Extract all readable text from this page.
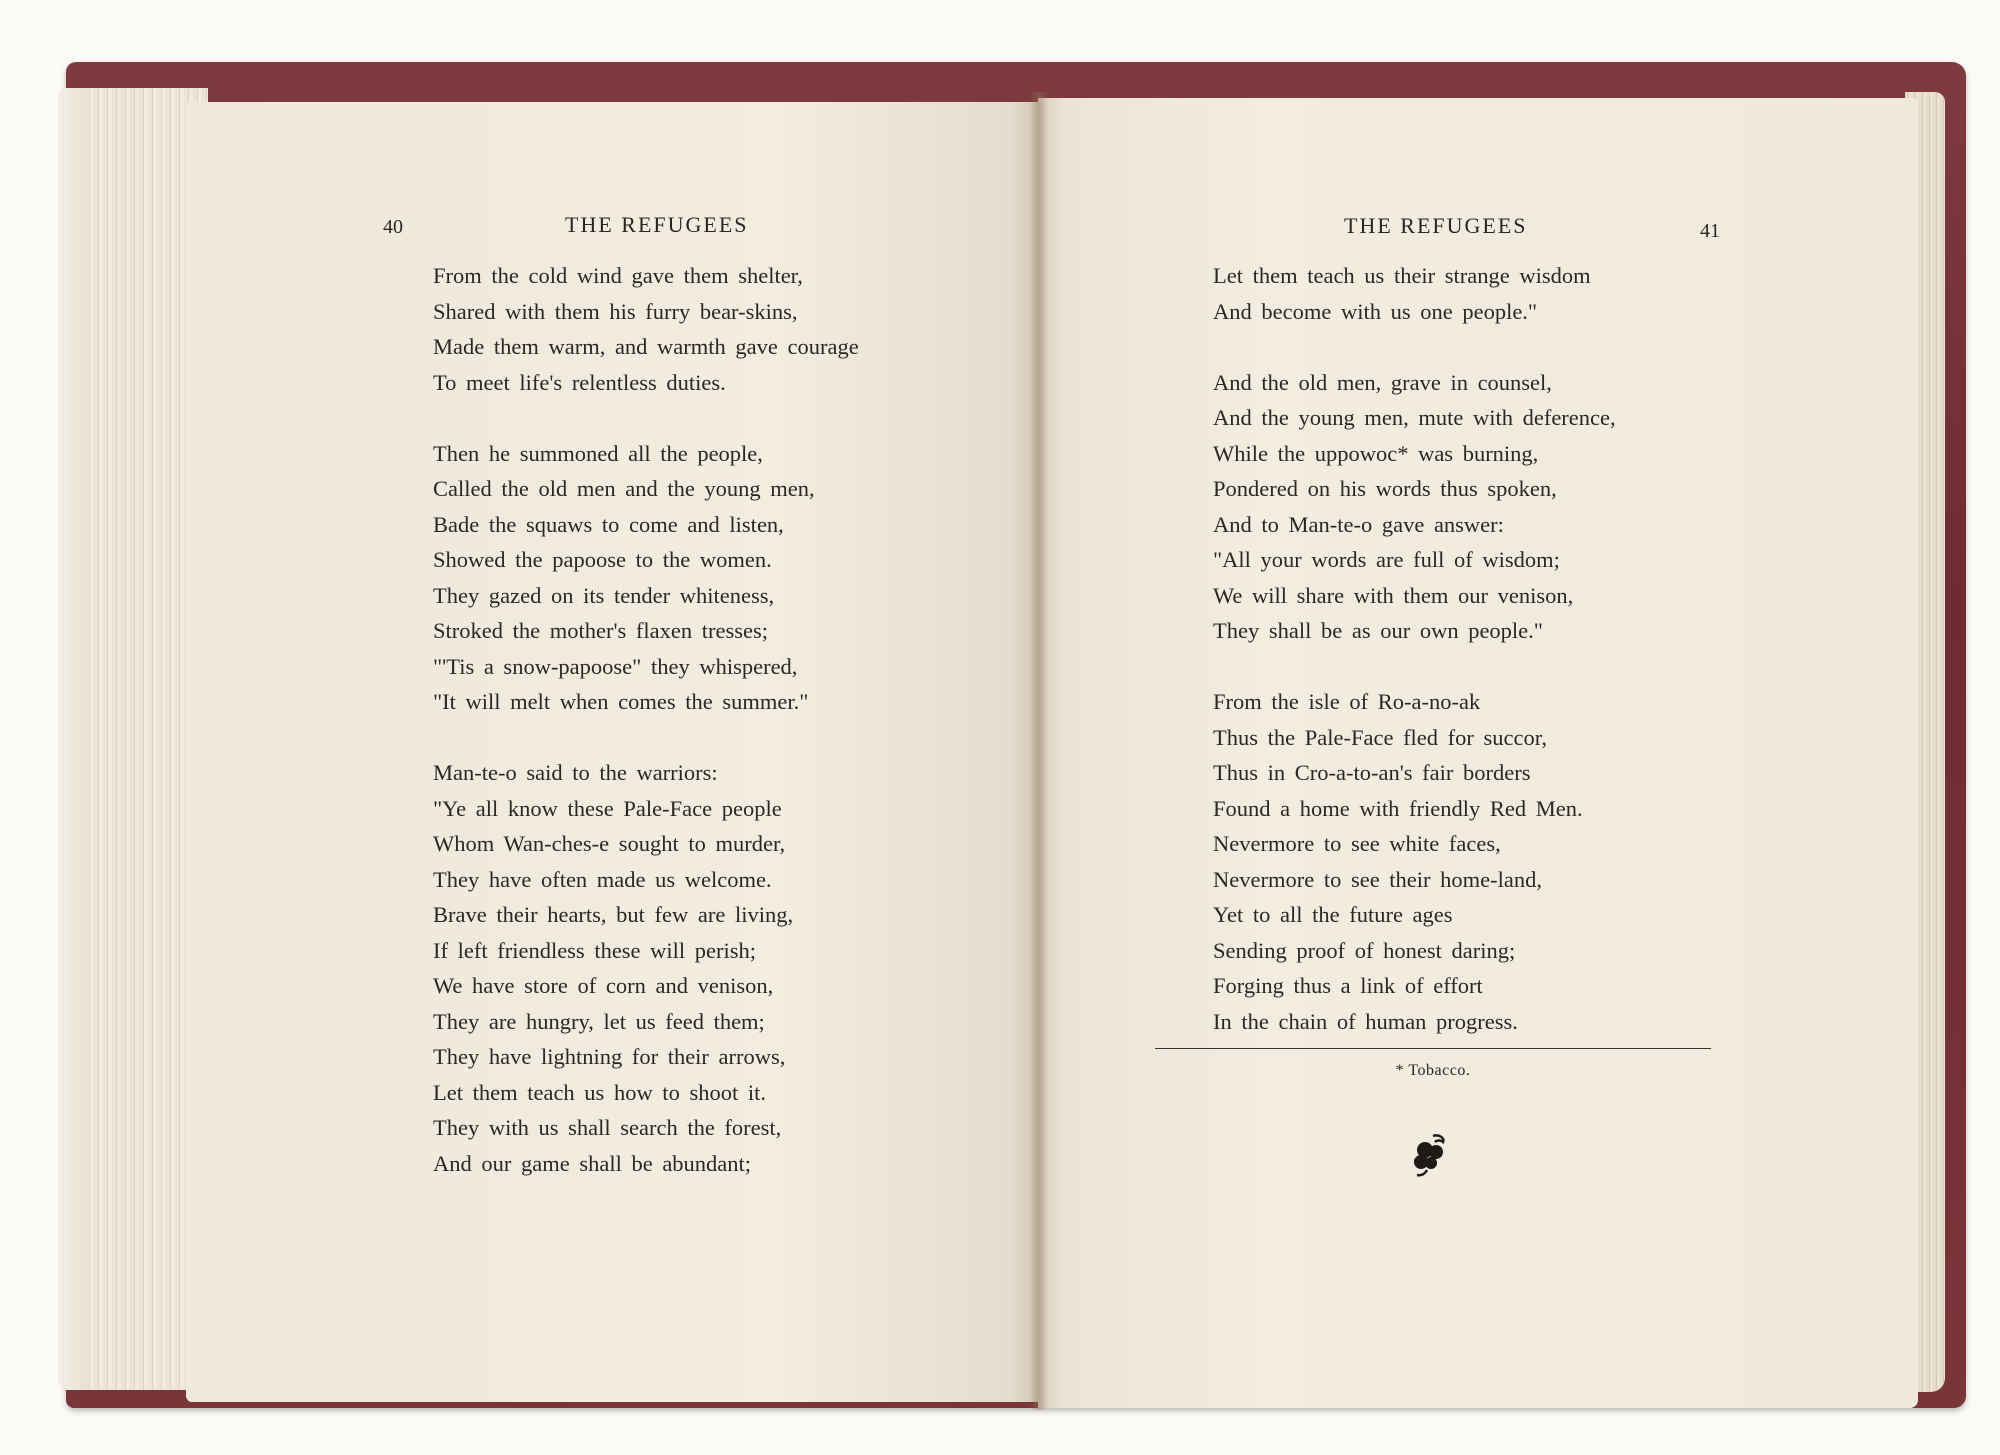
40	THE REFUGEES
From the cold wind gave them shelter,
Shared with them his furry bear-skins,
Made them warm, and warmth gave courage
To meet life's relentless duties.
Then he summoned all the people,
Called the old men and the young men,
Bade the squaws to come and listen,
Showed the papoose to the women.
They gazed on its tender whiteness,
Stroked the mother's flaxen tresses;
"'Tis a snow-papoose" they whispered,
"It will melt when comes the summer."
Man-te-o said to the warriors:
"Ye all know these Pale-Face people
Whom Wan-ches-e sought to murder,
They have often made us welcome.
Brave their hearts, but few are living,
If left friendless these will perish;
We have store of corn and venison,
They are hungry, let us feed them;
They have lightning for their arrows,
Let them teach us how to shoot it.
They with us shall search the forest,
And our game shall be abundant;
THE REFUGEES	41
Let them teach us their strange wisdom
And become with us one people."
And the old men, grave in counsel,
And the young men, mute with deference,
While the uppowoc* was burning,
Pondered on his words thus spoken,
And to Man-te-o gave answer:
"All your words are full of wisdom;
We will share with them our venison,
They shall be as our own people."
From the isle of Ro-a-no-ak
Thus the Pale-Face fled for succor,
Thus in Cro-a-to-an's fair borders
Found a home with friendly Red Men.
Nevermore to see white faces,
Nevermore to see their home-land,
Yet to all the future ages
Sending proof of honest daring;
Forging thus a link of effort
In the chain of human progress.
* Tobacco.
